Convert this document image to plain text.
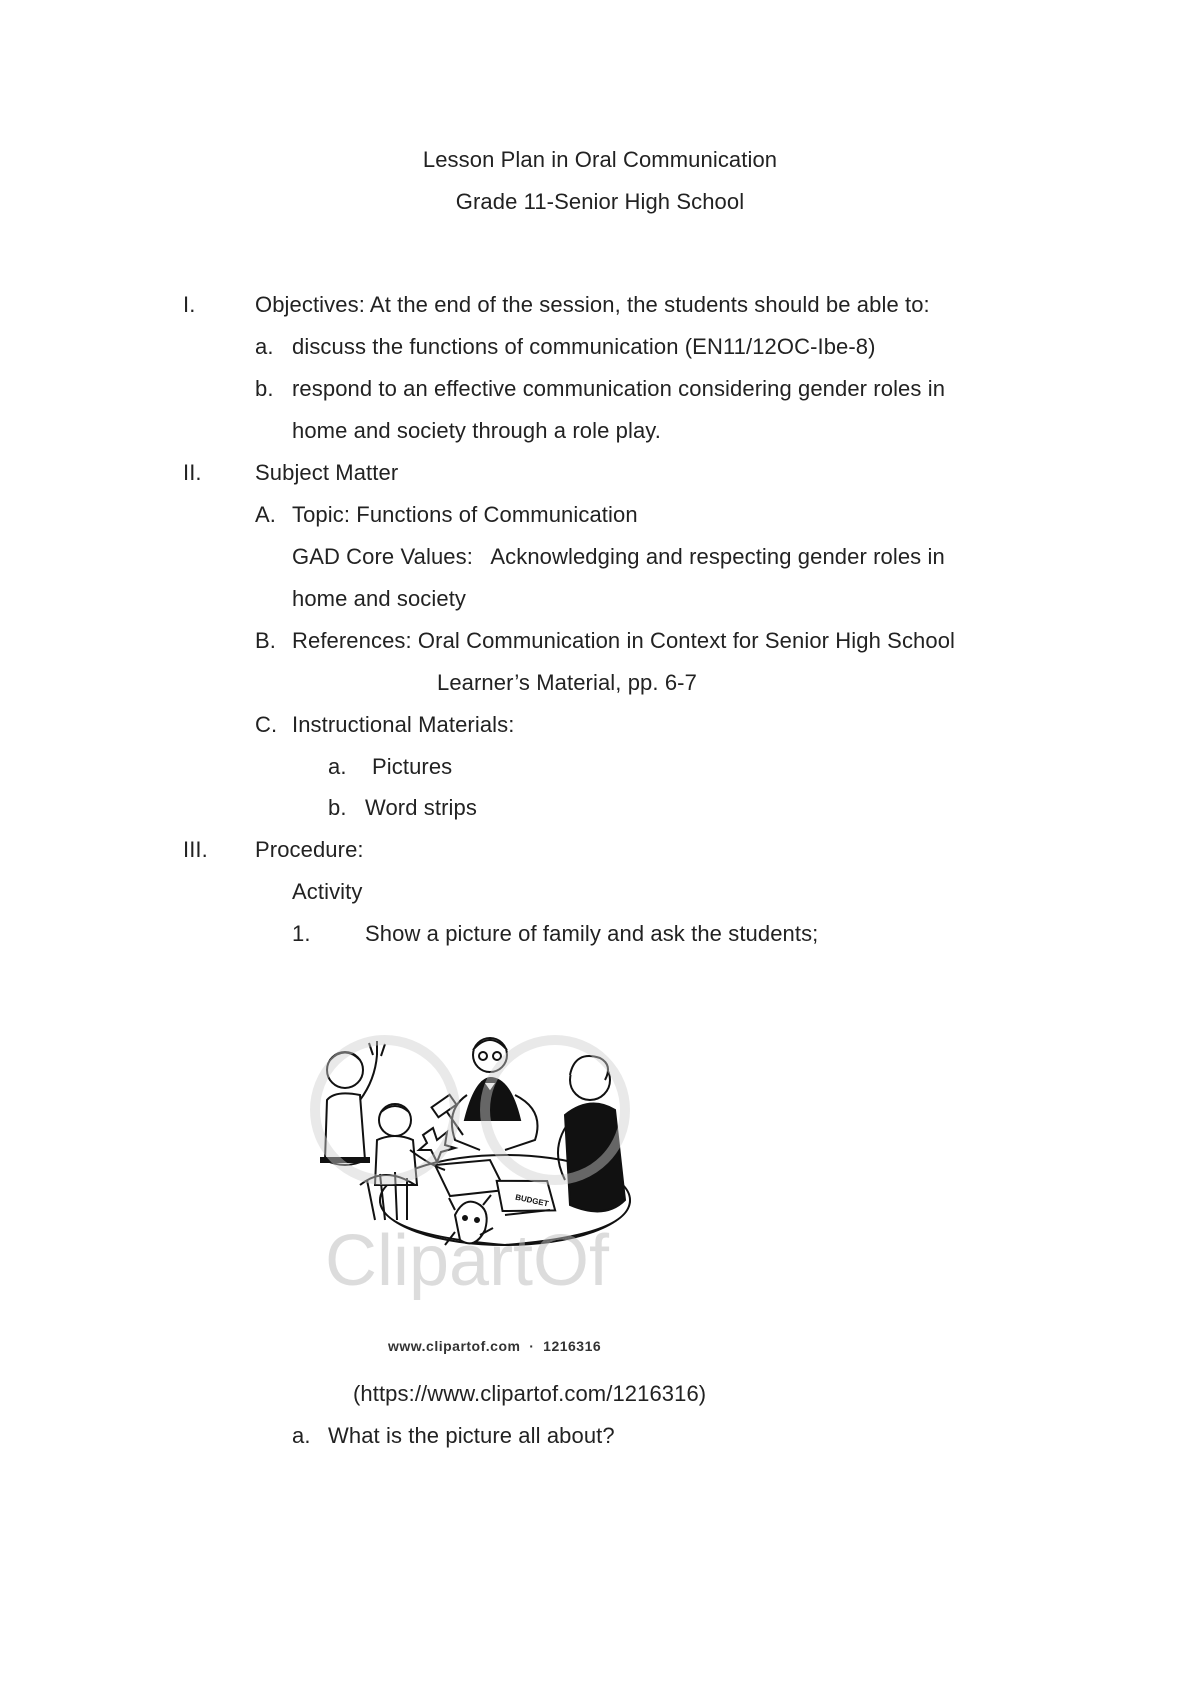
Lesson Plan in Oral Communication
Grade 11-Senior High School
I.	Objectives: At the end of the session, the students should be able to:
a. discuss the functions of communication (EN11/12OC-Ibe-8)
b. respond to an effective communication considering gender roles in
home and society through a role play.
II. Subject Matter
A. Topic: Functions of Communication
GAD Core Values:   Acknowledging and respecting gender roles in
home and society
B. References: Oral Communication in Context for Senior High School
Learner’s Material, pp. 6-7
C. Instructional Materials:
a. Pictures
b. Word strips
III. Procedure:
Activity
1. Show a picture of family and ask the students;
BUDGET
ClipartOf
www.clipartof.com  ·  1216316
(https://www.clipartof.com/1216316)
a. What is the picture all about?
